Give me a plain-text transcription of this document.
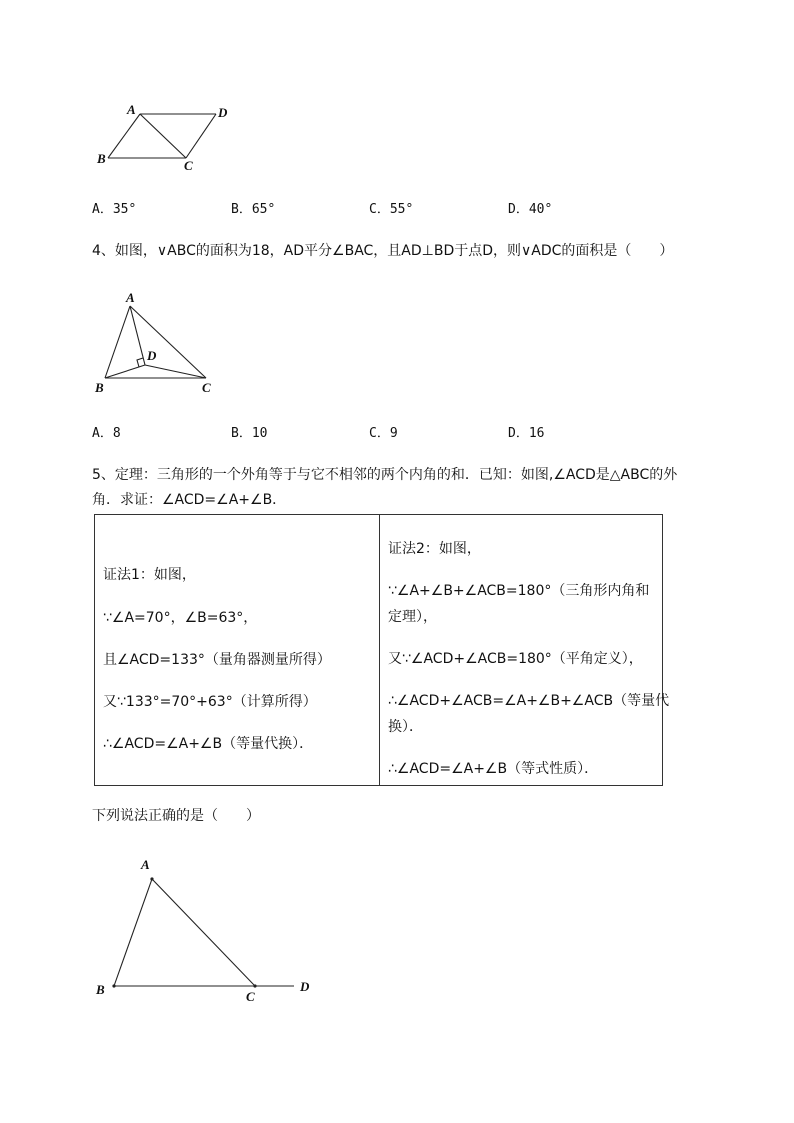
A	D
B	C
A．35°	B．65°	C．55°	D．40°
4、如图，∨ABC的面积为18，AD平分∠BAC，且AD⊥BD于点D，则∨ADC的面积是（　　）
A
D
B	C
A．8	B．10	C．9	D．16
5、定理：三角形的一个外角等于与它不相邻的两个内角的和．已知：如图,∠ACD是△ABC的外
角．求证：∠ACD=∠A+∠B．
证法1：如图，
∵∠A=70°，∠B=63°，
且∠ACD=133°（量角器测量所得）
又∵133°=70°+63°（计算所得）
∴∠ACD=∠A+∠B（等量代换）．
证法2：如图，
∵∠A+∠B+∠ACB=180°（三角形内角和
定理），
又∵∠ACD+∠ACB=180°（平角定义），
∴∠ACD+∠ACB=∠A+∠B+∠ACB（等量代
换）．
∴∠ACD=∠A+∠B（等式性质）．
下列说法正确的是（　　）
A
B	C
D
